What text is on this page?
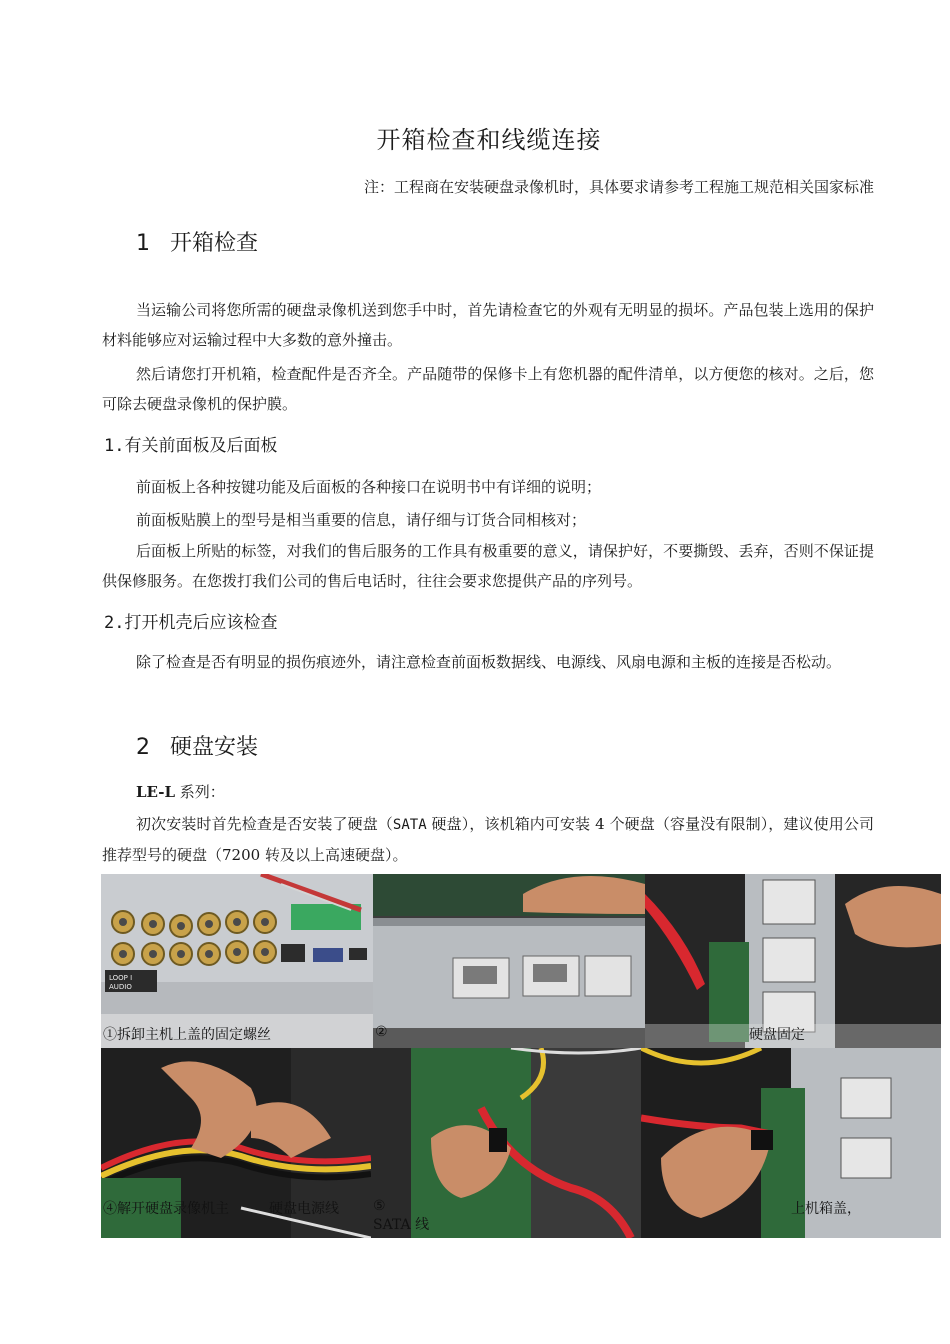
开箱检查和线缆连接
注：工程商在安装硬盘录像机时，具体要求请参考工程施工规范相关国家标准
1 开箱检查

当运输公司将您所需的硬盘录像机送到您手中时，首先请检查它的外观有无明显的损坏。产品包装上选用的保护材料能够应对运输过程中大多数的意外撞击。

然后请您打开机箱，检查配件是否齐全。产品随带的保修卡上有您机器的配件清单，以方便您的核对。之后，您可除去硬盘录像机的保护膜。

1.有关前面板及后面板

前面板上各种按键功能及后面板的各种接口在说明书中有详细的说明；

前面板贴膜上的型号是相当重要的信息，请仔细与订货合同相核对；

后面板上所贴的标签，对我们的售后服务的工作具有极重要的意义，请保护好，不要撕毁、丢弃，否则不保证提供保修服务。在您拨打我们公司的售后电话时，往往会要求您提供产品的序列号。

2.打开机壳后应该检查

除了检查是否有明显的损伤痕迹外，请注意检查前面板数据线、电源线、风扇电源和主板的连接是否松动。

2 硬盘安装

LE-L 系列：

初次安装时首先检查是否安装了硬盘（SATA 硬盘），该机箱内可安装 4 个硬盘（容量没有限制），建议使用公司推荐型号的硬盘（7200 转及以上高速硬盘）。

LOOP I
AUDIO
①拆卸主机上盖的固定螺丝	②	硬盘固定
④解开硬盘录像机主	硬盘电源线 ⑤
SATA 线
上机箱盖，
